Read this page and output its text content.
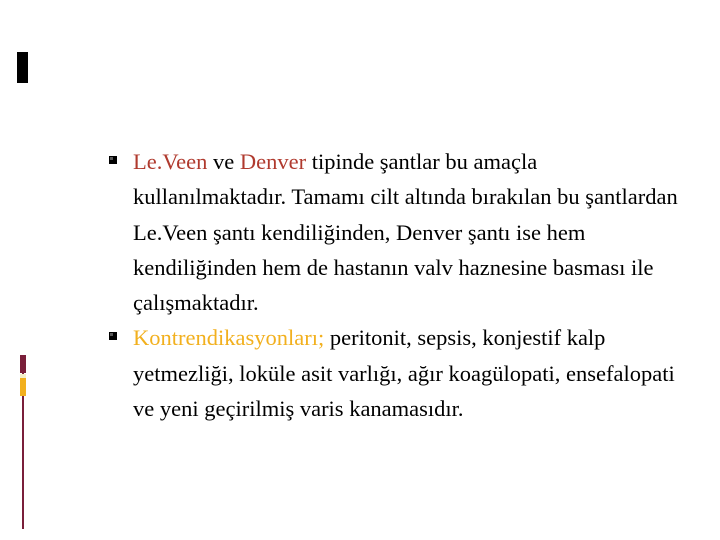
Le.Veen ve Denver tipinde şantlar bu amaçla kullanılmaktadır. Tamamı cilt altında bırakılan bu şantlardan Le.Veen şantı kendiliğinden, Denver şantı ise hem kendiliğinden hem de hastanın valv haznesine basması ile çalışmaktadır.
Kontrendikasyonları; peritonit, sepsis, konjestif kalp yetmezliği, loküle asit varlığı, ağır koagülopati, ensefalopati ve yeni geçirilmiş varis kanamasıdır.
